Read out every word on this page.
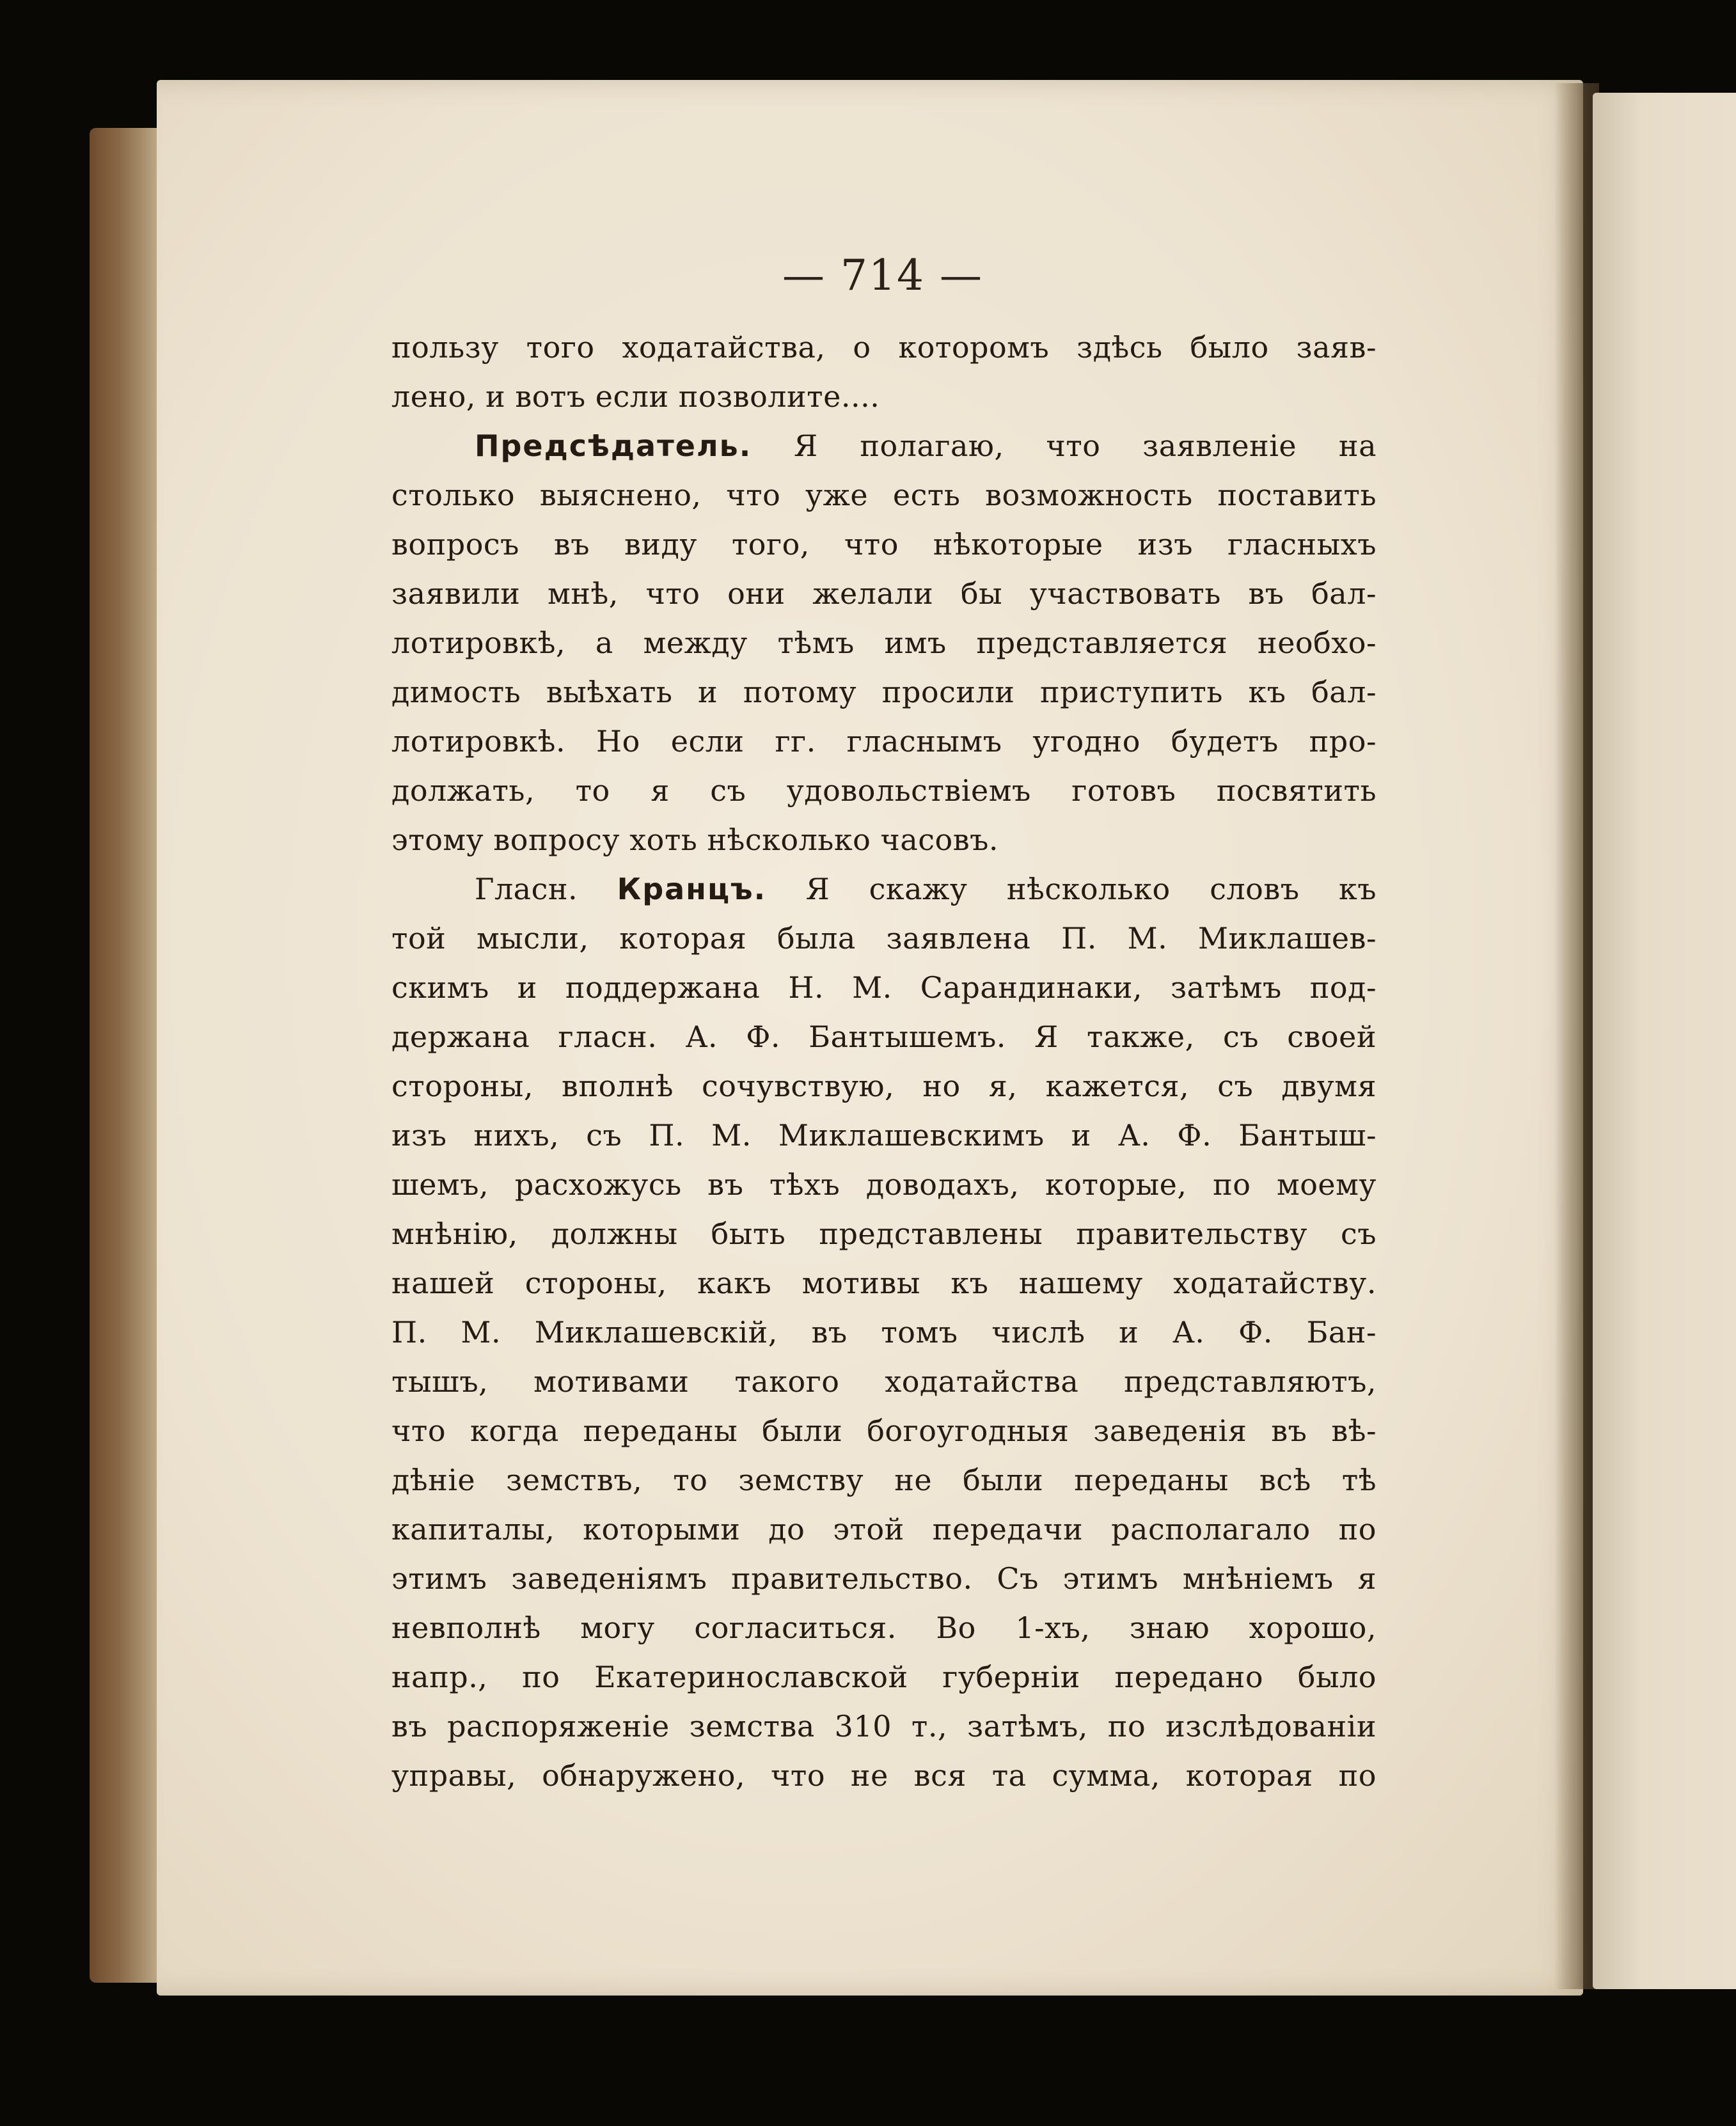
— 714 —
пользу того ходатайства, о которомъ здѣсь было заяв-
лено, и вотъ если позволите....
Предсѣдатель. Я полагаю, что заявленіе на
столько выяснено, что уже есть возможность поставить
вопросъ въ виду того, что нѣкоторые изъ гласныхъ
заявили мнѣ, что они желали бы участвовать въ бал-
лотировкѣ, а между тѣмъ имъ представляется необхо-
димость выѣхать и потому просили приступить къ бал-
лотировкѣ. Но если гг. гласнымъ угодно будетъ про-
должать, то я съ удовольствіемъ готовъ посвятить
этому вопросу хоть нѣсколько часовъ.
Гласн. Кранцъ. Я скажу нѣсколько словъ къ
той мысли, которая была заявлена П. М. Миклашев-
скимъ и поддержана Н. М. Сарандинаки, затѣмъ под-
держана гласн. А. Ф. Бантышемъ. Я также, съ своей
стороны, вполнѣ сочувствую, но я, кажется, съ двумя
изъ нихъ, съ П. М. Миклашевскимъ и А. Ф. Бантыш-
шемъ, расхожусь въ тѣхъ доводахъ, которые, по моему
мнѣнію, должны быть представлены правительству съ
нашей стороны, какъ мотивы къ нашему ходатайству.
П. М. Миклашевскій, въ томъ числѣ и А. Ф. Бан-
тышъ, мотивами такого ходатайства представляютъ,
что когда переданы были богоугодныя заведенія въ вѣ-
дѣніе земствъ, то земству не были переданы всѣ тѣ
капиталы, которыми до этой передачи располагало по
этимъ заведеніямъ правительство. Съ этимъ мнѣніемъ я
невполнѣ могу согласиться. Во 1-хъ, знаю хорошо,
напр., по Екатеринославской губерніи передано было
въ распоряженіе земства 310 т., затѣмъ, по изслѣдованіи
управы, обнаружено, что не вся та сумма, которая по
